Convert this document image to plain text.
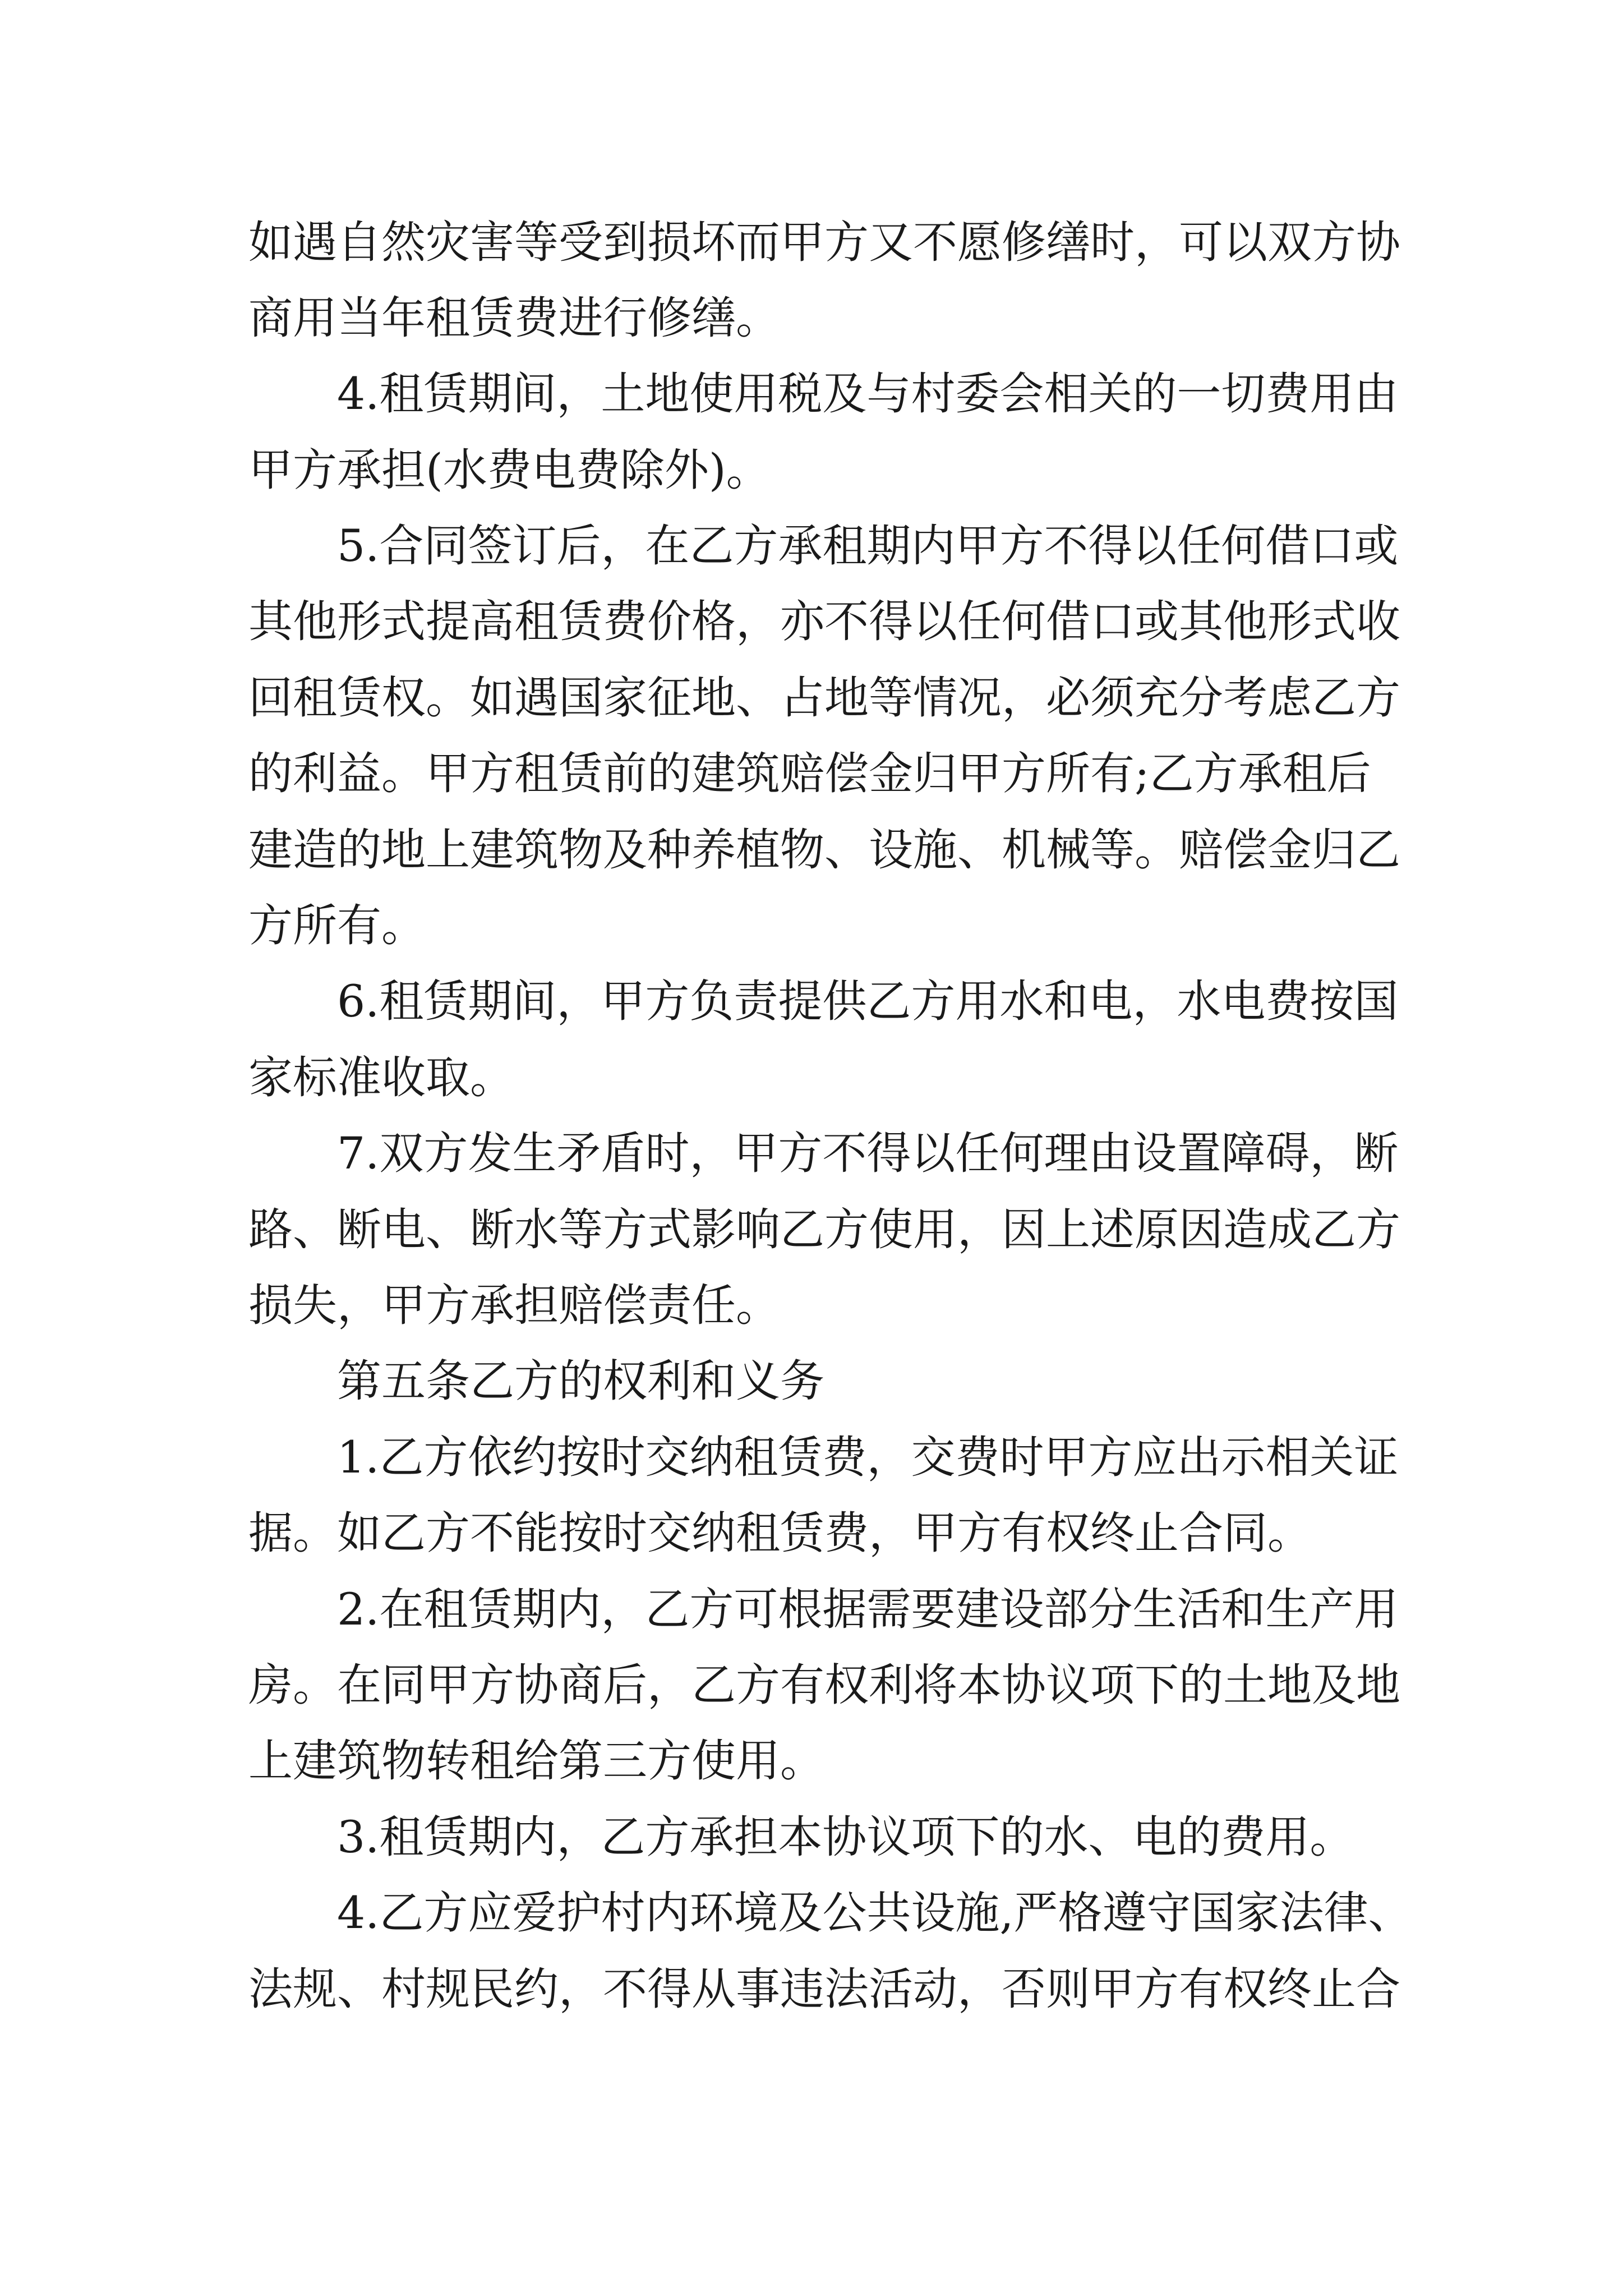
如遇自然灾害等受到损坏而甲方又不愿修缮时，可以双方协

商用当年租赁费进行修缮。

4.租赁期间，土地使用税及与村委会相关的一切费用由

甲方承担(水费电费除外)。

5.合同签订后，在乙方承租期内甲方不得以任何借口或

其他形式提高租赁费价格，亦不得以任何借口或其他形式收

回租赁权。如遇国家征地、占地等情况，必须充分考虑乙方

的利益。甲方租赁前的建筑赔偿金归甲方所有;乙方承租后

建造的地上建筑物及种养植物、设施、机械等。赔偿金归乙

方所有。

6.租赁期间，甲方负责提供乙方用水和电，水电费按国

家标准收取。

7.双方发生矛盾时，甲方不得以任何理由设置障碍，断

路、断电、断水等方式影响乙方使用，因上述原因造成乙方

损失，甲方承担赔偿责任。

第五条乙方的权利和义务

1.乙方依约按时交纳租赁费，交费时甲方应出示相关证

据。如乙方不能按时交纳租赁费，甲方有权终止合同。

2.在租赁期内，乙方可根据需要建设部分生活和生产用

房。在同甲方协商后，乙方有权利将本协议项下的土地及地

上建筑物转租给第三方使用。

3.租赁期内，乙方承担本协议项下的水、电的费用。

4.乙方应爱护村内环境及公共设施,严格遵守国家法律、

法规、村规民约，不得从事违法活动，否则甲方有权终止合
